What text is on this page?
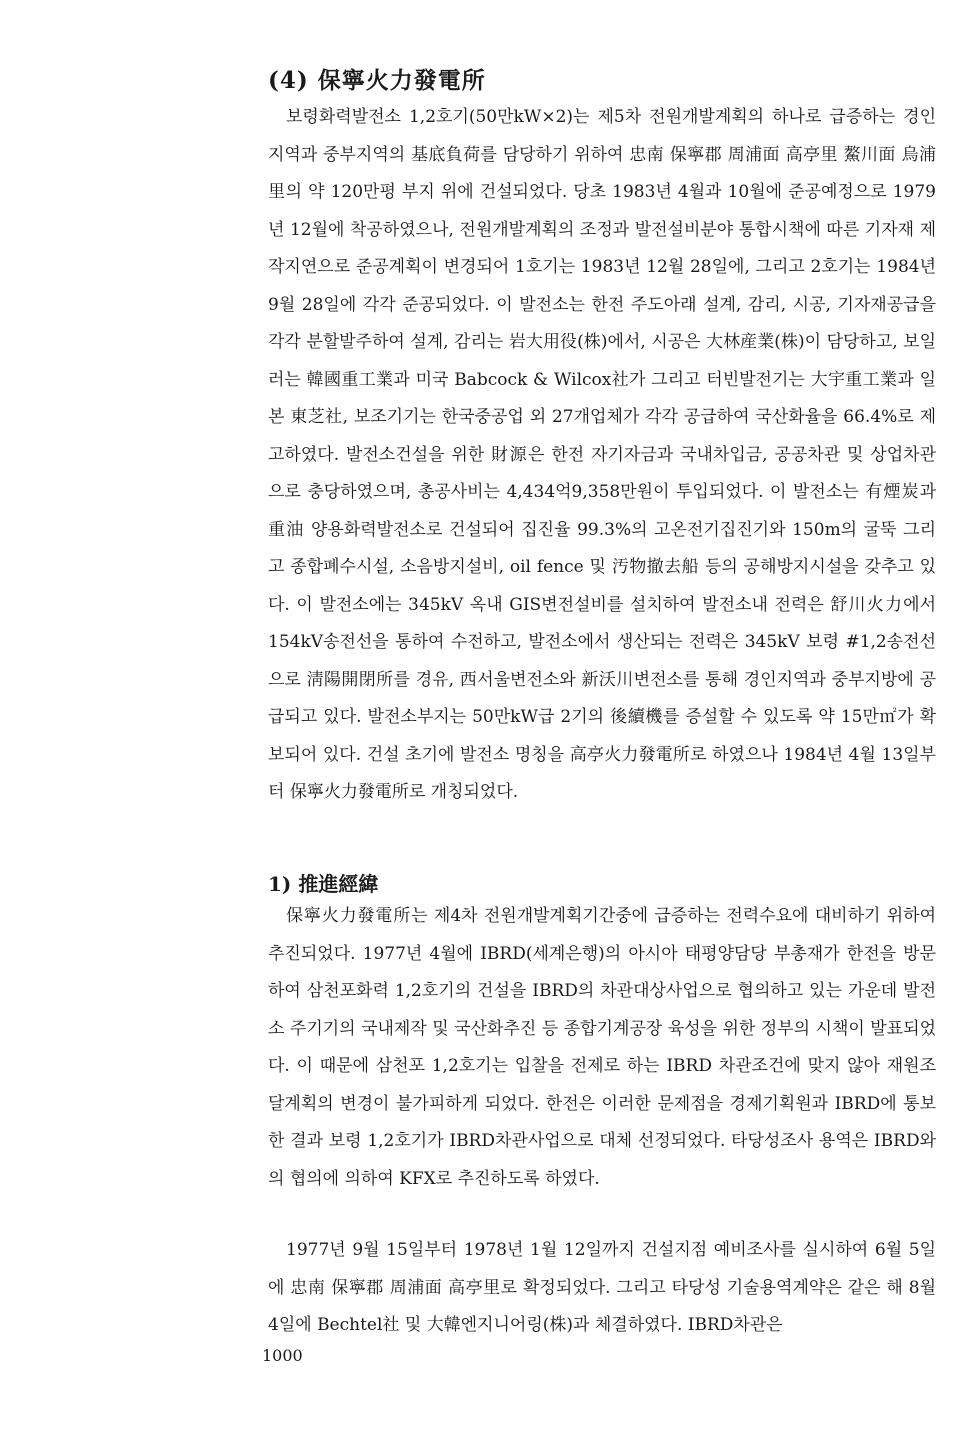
(4) 保寧火力發電所

보령화력발전소 1,2호기(50만kW×2)는 제5차 전원개발계획의 하나로 급증하는 경인지역과 중부지역의 基底負荷를 담당하기 위하여 忠南 保寧郡 周浦面 高亭里 鰲川面 烏浦里의 약 120만평 부지 위에 건설되었다. 당초 1983년 4월과 10월에 준공예정으로 1979년 12월에 착공하였으나, 전원개발계획의 조정과 발전설비분야 통합시책에 따른 기자재 제작지연으로 준공계획이 변경되어 1호기는 1983년 12월 28일에, 그리고 2호기는 1984년 9월 28일에 각각 준공되었다. 이 발전소는 한전 주도아래 설계, 감리, 시공, 기자재공급을 각각 분할발주하여 설계, 감리는 岩大用役(株)에서, 시공은 大林産業(株)이 담당하고, 보일러는 韓國重工業과 미국 Babcock & Wilcox社가 그리고 터빈발전기는 大宇重工業과 일본 東芝社, 보조기기는 한국중공업 외 27개업체가 각각 공급하여 국산화율을 66.4%로 제고하였다. 발전소건설을 위한 財源은 한전 자기자금과 국내차입금, 공공차관 및 상업차관으로 충당하였으며, 총공사비는 4,434억9,358만원이 투입되었다. 이 발전소는 有煙炭과 重油 양용화력발전소로 건설되어 집진율 99.3%의 고온전기집진기와 150m의 굴뚝 그리고 종합폐수시설, 소음방지설비, oil fence 및 汚物撤去船 등의 공해방지시설을 갖추고 있다. 이 발전소에는 345kV 옥내 GIS변전설비를 설치하여 발전소내 전력은 舒川火力에서 154kV송전선을 통하여 수전하고, 발전소에서 생산되는 전력은 345kV 보령 #1,2송전선으로 淸陽開閉所를 경유, 西서울변전소와 新沃川변전소를 통해 경인지역과 중부지방에 공급되고 있다. 발전소부지는 50만kW급 2기의 後續機를 증설할 수 있도록 약 15만㎡가 확보되어 있다. 건설 초기에 발전소 명칭을 高亭火力發電所로 하였으나 1984년 4월 13일부터 保寧火力發電所로 개칭되었다.

1) 推進經緯

保寧火力發電所는 제4차 전원개발계획기간중에 급증하는 전력수요에 대비하기 위하여 추진되었다. 1977년 4월에 IBRD(세계은행)의 아시아 태평양담당 부총재가 한전을 방문하여 삼천포화력 1,2호기의 건설을 IBRD의 차관대상사업으로 협의하고 있는 가운데 발전소 주기기의 국내제작 및 국산화추진 등 종합기계공장 육성을 위한 정부의 시책이 발표되었다. 이 때문에 삼천포 1,2호기는 입찰을 전제로 하는 IBRD 차관조건에 맞지 않아 재원조달계획의 변경이 불가피하게 되었다. 한전은 이러한 문제점을 경제기획원과 IBRD에 통보한 결과 보령 1,2호기가 IBRD차관사업으로 대체 선정되었다. 타당성조사 용역은 IBRD와의 협의에 의하여 KFX로 추진하도록 하였다.

1977년 9월 15일부터 1978년 1월 12일까지 건설지점 예비조사를 실시하여 6월 5일에 忠南 保寧郡 周浦面 高亭里로 확정되었다. 그리고 타당성 기술용역계약은 같은 해 8월 4일에 Bechtel社 및 大韓엔지니어링(株)과 체결하였다. IBRD차관은

1000
